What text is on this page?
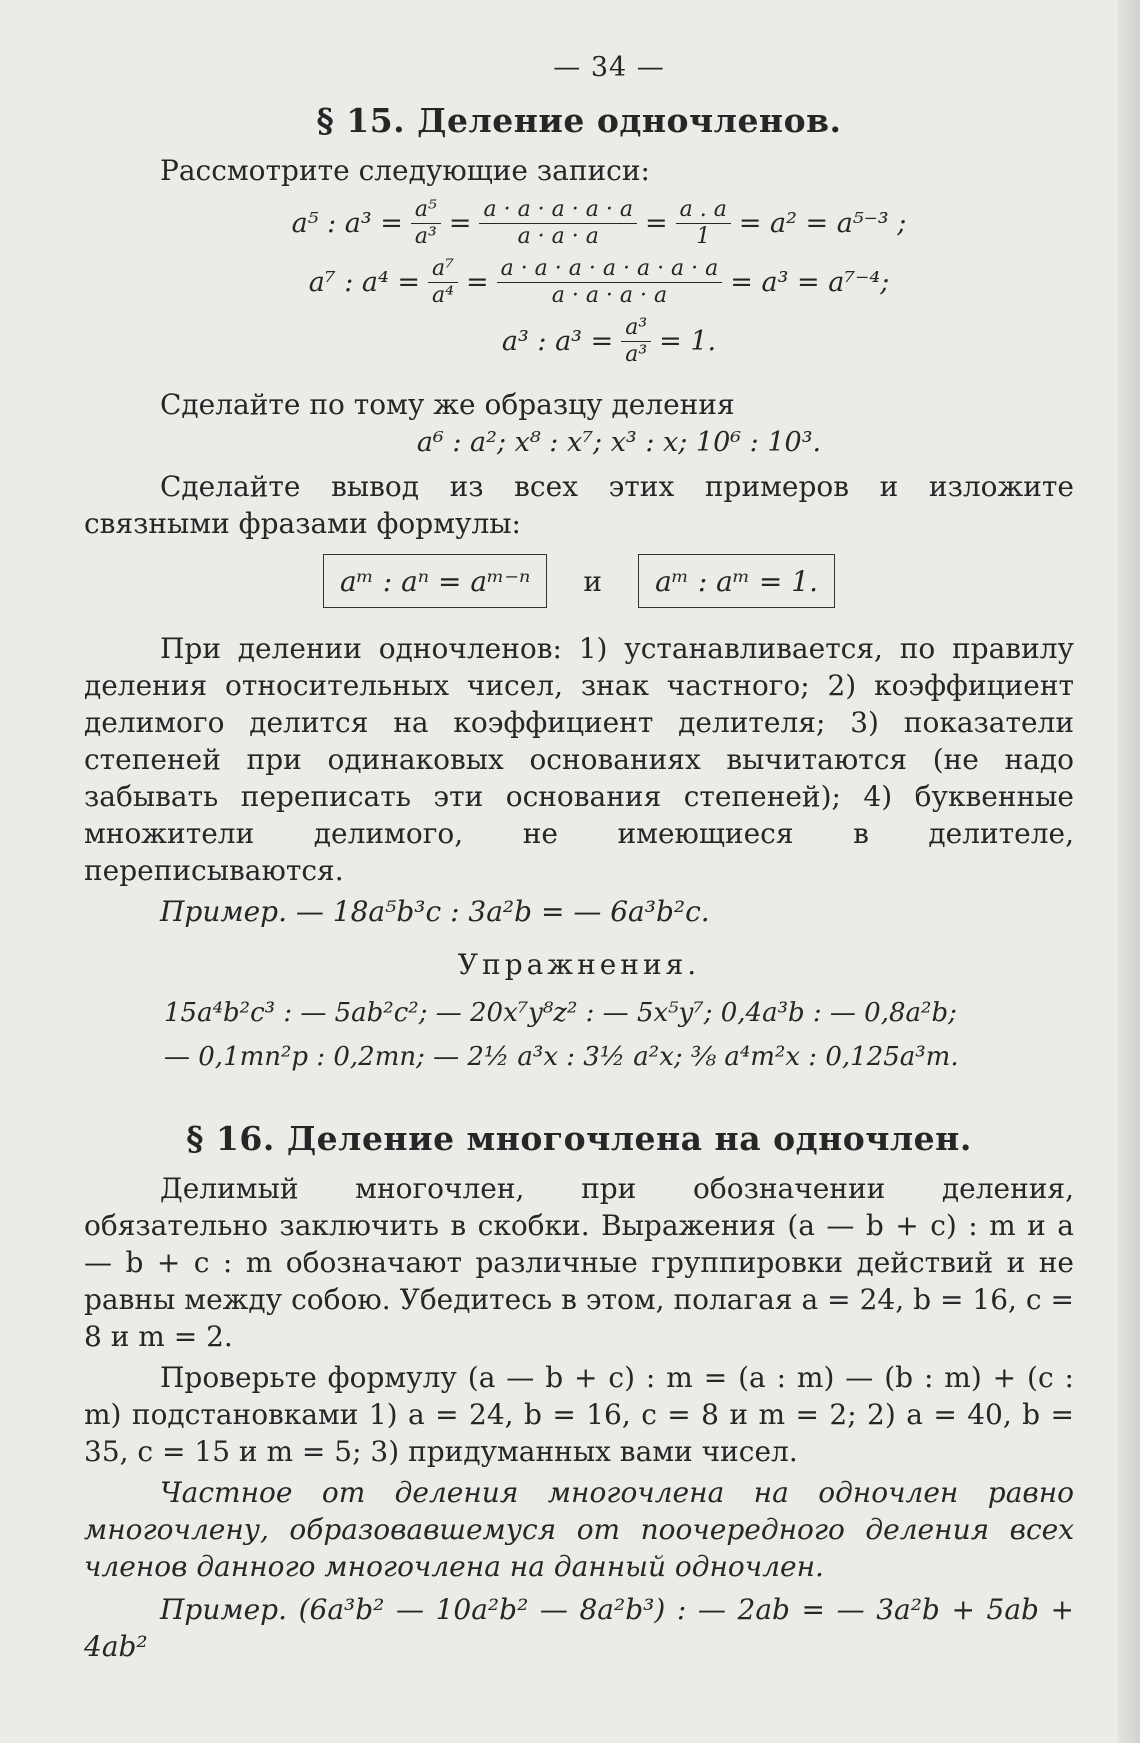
— 34 —
§ 15. Деление одночленов.

Рассмотрите следующие записи:

a⁵ : $a^3 = \frac{\text{a⁵}}{\text{a³}} = \frac{a \cdot a \cdot a \cdot a \cdot a}{a \cdot a \cdot a} = \frac{a . a}{1} = a^2 = a^{5-3}$ ;
a⁷ : $a^4 = \frac{\text{a⁷}}{\text{a⁴}} = \frac{a \cdot a \cdot a \cdot a \cdot a \cdot a \cdot a}{a \cdot a \cdot a \cdot a} = a^3 = a^{7-4}$;
a³ : $a^3 = \frac{\text{a³}}{\text{a³}} = 1$.

Сделайте по тому же образцу деления

a⁶ : a²; x⁸ : x⁷; x³ : x; 10⁶ : 10³.

Сделайте вывод из всех этих примеров и изложите связными фразами формулы:

aᵐ : aⁿ = aᵐ⁻ⁿ	и	aᵐ : aᵐ = 1.

При делении одночленов: 1) устанавливается, по правилу деления относительных чисел, знак частного; 2) коэффициент делимого делится на коэффициент делителя; 3) показатели степеней при одинаковых основаниях вычитаются (не надо забывать переписать эти основания степеней); 4) буквенные множители делимого, не имеющиеся в делителе, переписываются.

Пример. — 18a⁵b³c : 3a²b = — 6a³b²c.

Упражнения.
15a⁴b²c³ : — 5ab²c²; — 20x⁷y⁸z² : — 5x⁵y⁷; 0,4a³b : — 0,8a²b;
— 0,1mn²p : 0,2mn; — 2½ a³x : 3½ a²x; ⅜ a⁴m²x : 0,125a³m.
§ 16. Деление многочлена на одночлен.

Делимый многочлен, при обозначении деления, обязательно заключить в скобки. Выражения (a — b + c) : m и a — b + c : m обозначают различные группировки действий и не равны между собою. Убедитесь в этом, полагая a = 24, b = 16, c = 8 и m = 2.

Проверьте формулу (a — b + c) : m = (a : m) — (b : m) + (c : m) подстановками 1) a = 24, b = 16, c = 8 и m = 2; 2) a = 40, b = 35, c = 15 и m = 5; 3) придуманных вами чисел.

Частное от деления многочлена на одночлен равно многочлену, образовавшемуся от поочередного деления всех членов данного многочлена на данный одночлен.

Пример. (6a³b² — 10a²b² — 8a²b³) : — 2ab = — 3a²b + 5ab + 4ab²
